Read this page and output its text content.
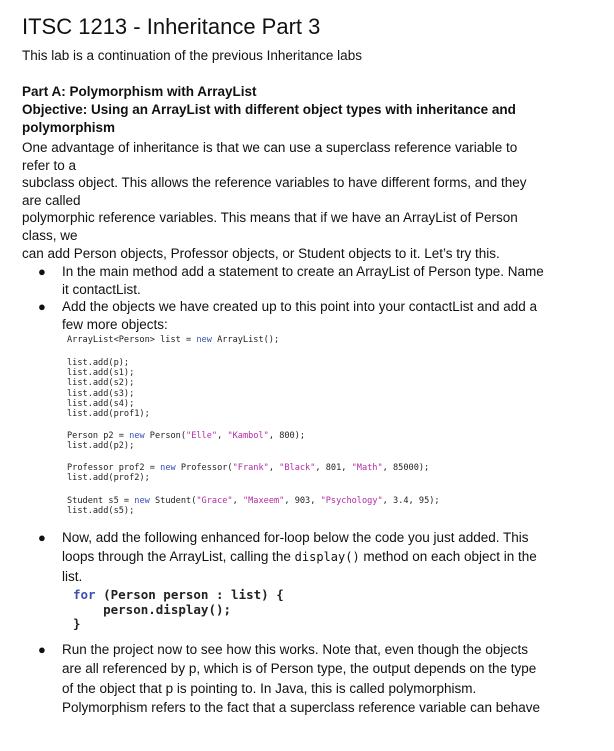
ITSC 1213 - Inheritance Part 3
This lab is a continuation of the previous Inheritance labs
Part A: Polymorphism with ArrayList
Objective: Using an ArrayList with different object types with inheritance and
polymorphism
One advantage of inheritance is that we can use a superclass reference variable to
refer to a
subclass object. This allows the reference variables to have different forms, and they
are called
polymorphic reference variables. This means that if we have an ArrayList of Person
class, we
can add Person objects, Professor objects, or Student objects to it. Let’s try this.
● In the main method add a statement to create an ArrayList of Person type. Name
it contactList.
● Add the objects we have created up to this point into your contactList and add a
few more objects:
ArrayList<Person> list = new ArrayList();
list.add(p);
list.add(s1);
list.add(s2);
list.add(s3);
list.add(s4);
list.add(prof1);
Person p2 = new Person("Elle", "Kambol", 800);
list.add(p2);
Professor prof2 = new Professor("Frank", "Black", 801, "Math", 85000);
list.add(prof2);
Student s5 = new Student("Grace", "Maxeem", 903, "Psychology", 3.4, 95);
list.add(s5);
● Now, add the following enhanced for-loop below the code you just added. This
loops through the ArrayList, calling the display() method on each object in the
list.
for (Person person : list) {
person.display();
}
● Run the project now to see how this works. Note that, even though the objects
are all referenced by p, which is of Person type, the output depends on the type
of the object that p is pointing to. In Java, this is called polymorphism.
Polymorphism refers to the fact that a superclass reference variable can behave
